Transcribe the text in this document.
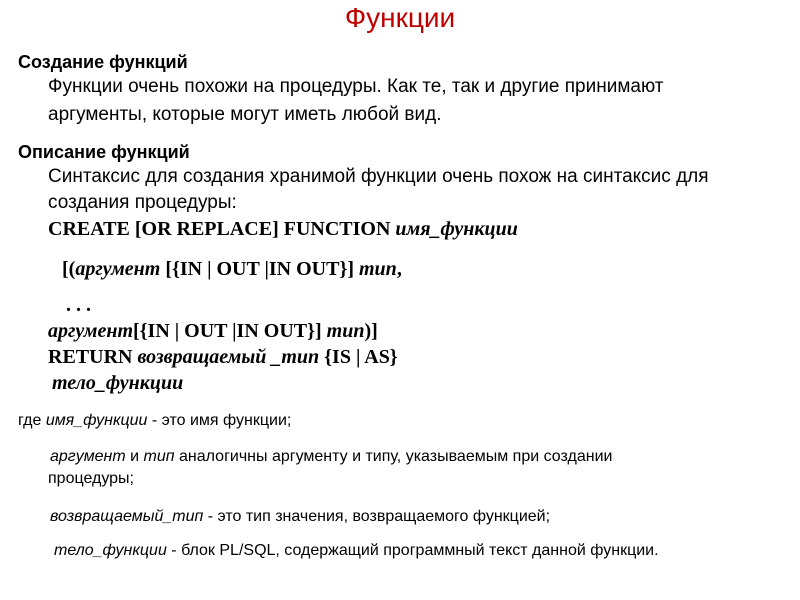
Функции
Создание функций
Функции очень похожи на процедуры. Как те, так и другие принимают
аргументы, которые могут иметь любой вид.
Описание функций
Синтаксис для создания хранимой функции очень похож на синтаксис для
создания процедуры:
CREATE [OR REPLACE] FUNCTION имя_функции
[(аргумент [{IN | OUT |IN OUT}] тип,
. . .
аргумент[{IN | OUT |IN OUT}] тип)]
RETURN возвращаемый _тип {IS | AS}
тело_функции
где имя_функции - это имя функции;
аргумент и тип аналогичны аргументу и типу, указываемым при создании
процедуры;
возвращаемый_тип - это тип значения, возвращаемого функцией;
тело_функции - блок PL/SQL, содержащий программный текст данной функции.
